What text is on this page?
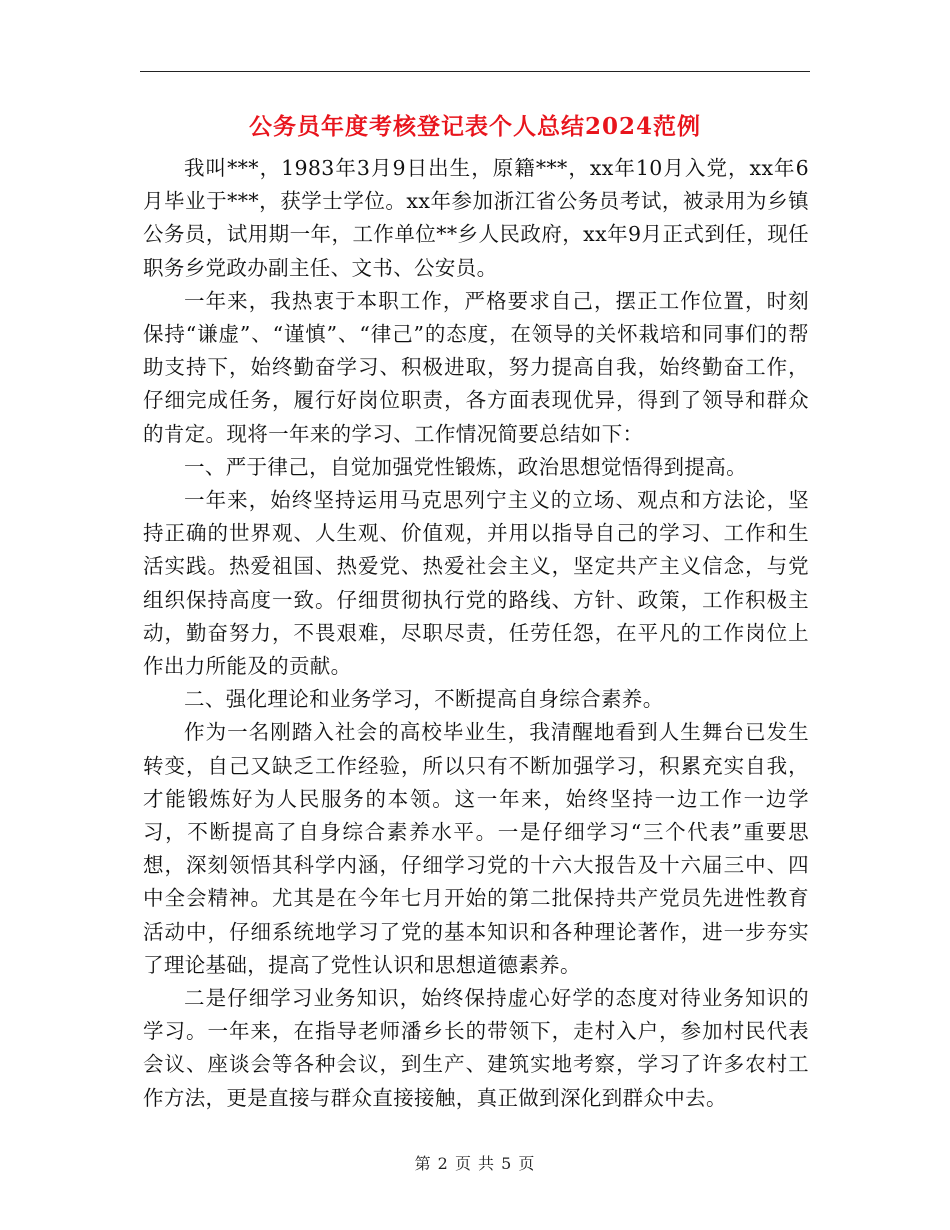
公务员年度考核登记表个人总结2024范例

我叫***，1983年3月9日出生，原籍***，xx年10月入党，xx年6月毕业于***，获学士学位。xx年参加浙江省公务员考试，被录用为乡镇公务员，试用期一年，工作单位**乡人民政府，xx年9月正式到任，现任职务乡党政办副主任、文书、公安员。

一年来，我热衷于本职工作，严格要求自己，摆正工作位置，时刻保持“谦虚”、“谨慎”、“律己”的态度，在领导的关怀栽培和同事们的帮助支持下，始终勤奋学习、积极进取，努力提高自我，始终勤奋工作，仔细完成任务，履行好岗位职责，各方面表现优异，得到了领导和群众的肯定。现将一年来的学习、工作情况简要总结如下：

一、严于律己，自觉加强党性锻炼，政治思想觉悟得到提高。

一年来，始终坚持运用马克思列宁主义的立场、观点和方法论，坚持正确的世界观、人生观、价值观，并用以指导自己的学习、工作和生活实践。热爱祖国、热爱党、热爱社会主义，坚定共产主义信念，与党组织保持高度一致。仔细贯彻执行党的路线、方针、政策，工作积极主动，勤奋努力，不畏艰难，尽职尽责，任劳任怨，在平凡的工作岗位上作出力所能及的贡献。

二、强化理论和业务学习，不断提高自身综合素养。

作为一名刚踏入社会的高校毕业生，我清醒地看到人生舞台已发生转变，自己又缺乏工作经验，所以只有不断加强学习，积累充实自我，才能锻炼好为人民服务的本领。这一年来，始终坚持一边工作一边学习，不断提高了自身综合素养水平。一是仔细学习“三个代表”重要思想，深刻领悟其科学内涵，仔细学习党的十六大报告及十六届三中、四中全会精神。尤其是在今年七月开始的第二批保持共产党员先进性教育活动中，仔细系统地学习了党的基本知识和各种理论著作，进一步夯实了理论基础，提高了党性认识和思想道德素养。

二是仔细学习业务知识，始终保持虚心好学的态度对待业务知识的学习。一年来，在指导老师潘乡长的带领下，走村入户，参加村民代表会议、座谈会等各种会议，到生产、建筑实地考察，学习了许多农村工作方法，更是直接与群众直接接触，真正做到深化到群众中去。

第 2 页 共 5 页
